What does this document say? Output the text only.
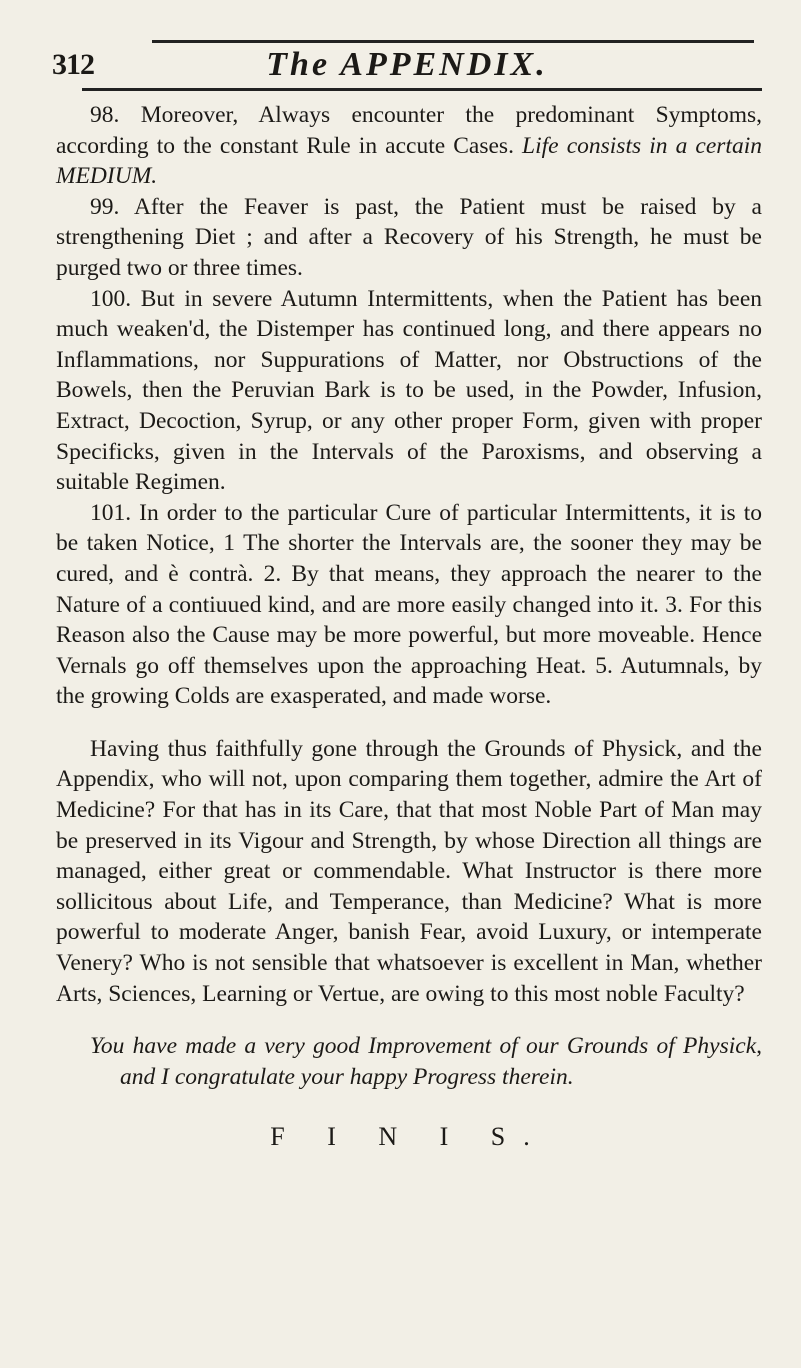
312	The APPENDIX.

98. Moreover, Always encounter the predominant Symptoms, according to the constant Rule in accute Cases. Life consists in a certain MEDIUM.

99. After the Feaver is past, the Patient must be raised by a strengthening Diet ; and after a Recovery of his Strength, he must be purged two or three times.

100. But in severe Autumn Intermittents, when the Patient has been much weaken'd, the Distemper has continued long, and there appears no Inflammations, nor Suppurations of Matter, nor Obstructions of the Bowels, then the Peruvian Bark is to be used, in the Powder, Infusion, Extract, Decoction, Syrup, or any other proper Form, given with proper Specificks, given in the Intervals of the Paroxisms, and observing a suitable Regimen.

101. In order to the particular Cure of particular Intermittents, it is to be taken Notice, 1 The shorter the Intervals are, the sooner they may be cured, and è contrà. 2. By that means, they approach the nearer to the Nature of a contiuued kind, and are more easily changed into it. 3. For this Reason also the Cause may be more powerful, but more moveable. Hence Vernals go off themselves upon the approaching Heat. 5. Autumnals, by the growing Colds are exasperated, and made worse.

Having thus faithfully gone through the Grounds of Physick, and the Appendix, who will not, upon comparing them together, admire the Art of Medicine? For that has in its Care, that that most Noble Part of Man may be preserved in its Vigour and Strength, by whose Direction all things are managed, either great or commendable. What Instructor is there more sollicitous about Life, and Temperance, than Medicine? What is more powerful to moderate Anger, banish Fear, avoid Luxury, or intemperate Venery? Who is not sensible that whatsoever is excellent in Man, whether Arts, Sciences, Learning or Vertue, are owing to this most noble Faculty?

You have made a very good Improvement of our Grounds of Physick, and I congratulate your happy Progress therein.

F I N I S.
